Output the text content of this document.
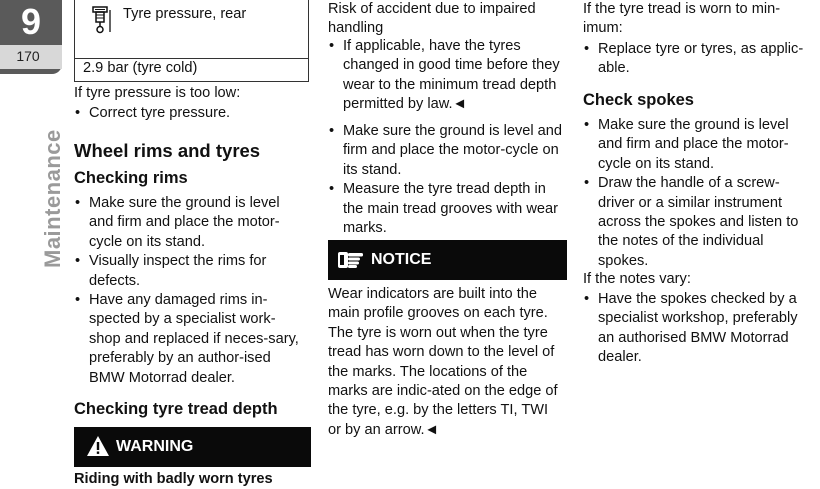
9
170
Maintenance
Tyre pressure, rear
2.9 bar (tyre cold)

If tyre pressure is too low:

• Correct tyre pressure.
Wheel rims and tyres
Checking rims
• Make sure the ground is level and firm and place the motor-cycle on its stand.
• Visually inspect the rims for defects.
• Have any damaged rims in-spected by a specialist work-shop and replaced if neces-sary, preferably by an author-ised BMW Motorrad dealer.
Checking tyre tread depth
WARNING
Riding with badly worn tyres

Risk of accident due to impaired handling

• If applicable, have the tyres changed in good time before they wear to the minimum tread depth permitted by law.◄
• Make sure the ground is level and firm and place the motor-cycle on its stand.
• Measure the tyre tread depth in the main tread grooves with wear marks.

Wear indicators are built into the main profile grooves on each tyre. The tyre is worn out when the tyre tread has worn down to the level of the marks. The locations of the marks are indic-ated on the edge of the tyre, e.g. by the letters TI, TWI or by an arrow.◄

NOTICE

If the tyre tread is worn to min-imum:

• Replace tyre or tyres, as applic-able.
Check spokes
• Make sure the ground is level and firm and place the motor-cycle on its stand.
• Draw the handle of a screw-driver or a similar instrument across the spokes and listen to the notes of the individual spokes.

If the notes vary:

• Have the spokes checked by a specialist workshop, preferably an authorised BMW Motorrad dealer.
